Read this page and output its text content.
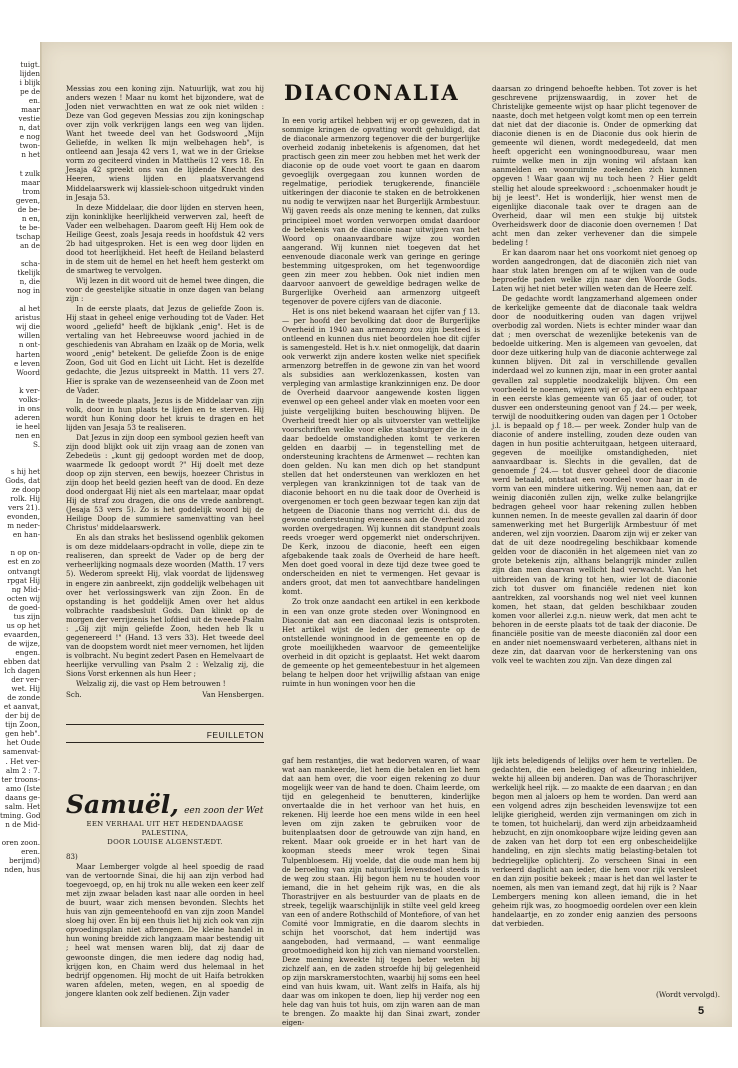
tuigt.
lijden
i blijk
pe de
en.
maar
vestie
n, dat
e nog
twon-
n het

t zulk
maar
trom
geven,
de be-
n en,
te be-
tschap
an de

scha-
tkelijk
n, die
nog in

al het
aristus
wij die
willen
n ont-
harten
e leven
Woord

k ver-
volks-
in ons
aderen
ie heel
nen en
S.
s hij het
Gods, dat
ze doop
rolk. Hij
vers 21).
evonden,
m neder-
en han-

n op on-
est en zo
ontvangt
rpgat Hij
ng Mid-
octen wij
de goed-
tus zijn
us op het
evaarden,
de wijze,
engen.
ebben dat
lch dagen
der ver-
wet. Hij
de zonde
et aanvat,
der bij de
tijn Zoon,
gen heb".
het Oude
samenvat-
. Het ver-
alm 2 : 7.
ter troons-
amo (Iste
daans ge-
salm. Het
tming. God
n de Mid-

oren zoon.
eren.
berijmd)
nden, hus

Messias zou een koning zijn. Natuurlijk, wat zou hij anders wezen ! Maar nu komt het bijzondere, wat de Joden niet verwachtten en wat ze ook niet wilden : Deze van God gegeven Messias zou zijn koningschap over zijn volk verkrijgen langs een weg van lijden. Want het tweede deel van het Godswoord „Mijn Geliefde, in welken Ik mijn welbehagen heb", is ontleend aan Jesaja 42 vers 1, wat we in der Griekse vorm zo geciteerd vinden in Mattheüs 12 vers 18. En Jesaja 42 spreekt ons van de lijdende Knecht des Heeren, wiens lijden en plaatsvervangend Middelaarswerk wij klassiek-schoon uitgedrukt vinden in Jesaja 53.

In deze Middelaar, die door lijden en sterven heen, zijn koninklijke heerlijkheid verwerven zal, heeft de Vader een welbehagen. Daarom geeft Hij Hem ook de Heilige Geest, zoals Jesaja reeds in hoofdstuk 42 vers 2b had uitgesproken. Het is een weg door lijden en dood tot heerlijkheid. Het heeft de Heiland belasterd in de stem uit de hemel en het heeft hem gesterkt om de smartweg te vervolgen.

Wij lezen in dit woord uit de hemel twee dingen, die voor de geestelijke situatie in onze dagen van belang zijn :

In de eerste plaats, dat Jezus de geliefde Zoon is. Hij staat in geheel enige verhouding tot de Vader. Het woord „geliefd" heeft de bijklank „enig". Het is de vertaling van het Hebreeuwse woord jachied in de geschiedenis van Abraham en Izaäk op de Moria, welk woord „enig" betekent. De geliefde Zoon is de enige Zoon, God uit God en Licht uit Licht. Het is dezelfde gedachte, die Jezus uitspreekt in Matth. 11 vers 27. Hier is sprake van de wezenseenheid van de Zoon met de Vader.

In de tweede plaats, Jezus is de Middelaar van zijn volk, door in hun plaats te lijden en te sterven. Hij wordt hun Koning door het kruis te dragen en het lijden van Jesaja 53 te realiseren.

Dat Jezus in zijn doop een symbool gezien heeft van zijn dood blijkt ook uit zijn vraag aan de zonen van Zebedeüs : „kunt gij gedoopt worden met de doop, waarmede Ik gedoopt wordt ?" Hij doelt met deze doop op zijn sterven, een bewijs, hoezeer Christus in zijn doop het beeld gezien heeft van de dood. En deze dood ondergaat Hij niet als een martelaar, maar opdat Hij de straf zou dragen, die ons de vrede aanbrengt. (Jesaja 53 vers 5). Zo is het goddelijk woord bij de Heilige Doop de summiere samenvatting van heel Christus' middelaarswerk.

En als dan straks het beslissend ogenblik gekomen is om deze middelaars-opdracht in volle, diepe zin te realiseren, dan spreekt de Vader op de berg der verheerlijking nogmaals deze woorden (Matth. 17 vers 5). Wederom spreekt Hij, vlak voordat de lijdensweg in engere zin aanbreekt, zijn goddelijk welbehagen uit over het verlossingswerk van zijn Zoon. En de opstanding is het goddelijk Amen over het aldus volbrachte raadsbesluit Gods. Dan klinkt op de morgen der verrijzenis het lofdied uit de tweede Psalm : „Gij zijt mijn geliefde Zoon, heden heb Ik u gegenereerd !" (Hand. 13 vers 33). Het tweede deel van de doopstem wordt niet meer vernomen, het lijden is volbracht. Nu begint zedert Pasen en Hemelvaart de heerlijke vervulling van Psalm 2 : Welzalig zij, die Sions Vorst erkennen als hun Heer ;

Welzalig zij, die vast op Hem betrouwen !

Sch.	Van Hensbergen.
FEUILLETON
Samuël, een zoon der Wet
EEN VERHAAL UIT HET HEDENDAAGSE
PALESTINA,
DOOR LOUISE ALGENSTÆDT.

83)

Maar Lemberger volgde al heel spoedig de raad van de vertoornde Sinai, die hij aan zijn verbod had toegevoegd, op, en hij trok nu alle weken een keer zelf met zijn zwaar beladen kast naar alle oorden in heel de buurt, waar zich mensen bevonden. Slechts het huis van zijn gemeentehoofd en van zijn zoon Mandel sloeg hij over. En bij een thuis liet hij zich ook van zijn opvoedingsplan niet afbrengen. De kleine handel in hun woning breidde zich langzaam maar bestendig uit ; heel wat mensen waren blij, dat zij daar de gewoonste dingen, die men iedere dag nodig had, krijgen kon, en Chaim werd dus helemaal in het bedrijf opgenomen. Hij mocht de uit Haifa betrokken waren afdelen, meten, wegen, en al spoedig de jongere klanten ook zelf bedienen. Zijn vader

DIACONALIA

In een vorig artikel hebben wij er op gewezen, dat in sommige kringen de opvatting wordt gehuldigd, dat de diaconale armenzorg tegenover die der burgerlijke overheid zodanig inbetekenis is afgenomen, dat het practisch geen zin meer zou hebben met het werk der diaconie op de oude voet voort te gaan en daarom gevoeglijk overgegaan zou kunnen worden de regelmatige, periodiek terugkerende, financiële uitkeringen der diaconie te staken en de betrokkenen nu nodig te verwijzen naar het Burgerlijk Armbestuur. Wij gaven reeds als onze mening te kennen, dat zulks principieel moet worden verworpen omdat daardoor de betekenis van de diaconie naar uitwijzen van het Woord op onaanvaardbare wijze zou worden aangerand. Wij kunnen niet toegeven dat het eenvenoude diaconale werk van geringe en geringe bestemming uitgesproken, om het tegenwoordige geen zin meer zou hebben. Ook niet indien men daarvoor aanvoert de geweldige bedragen welke de Burgerlijke Overheid aan armenzorg uitgeeft tegenover de povere cijfers van de diaconie.

Het is ons niet bekend waaraan het cijfer van ƒ 13.— per hoofd der bevolking dat door de Burgerlijke Overheid in 1940 aan armenzorg zou zijn besteed is ontleend en kunnen dus niet beoordelen hoe dit cijfer is samengesteld. Het is h.v. niet onmogelijk, dat daarin ook verwerkt zijn andere kosten welke niet specifiek armenzorg betreffen in de gewone zin van het woord als subsidies aan werklozenkassen, kosten van verpleging van armlastige krankzinnigen enz. De door de Overheid daarvoor aangewende kosten liggen evenwel op een geheel ander vlak en moeten voor een juiste vergelijking buiten beschouwing blijven. De Overheid treedt hier op als uitvoerster van wettelijke voorschriften welke voor elke staatsburger die in de daar bedoelde omstandigheden komt te verkeren gelden en daarbij — in tegenstelling met de ondersteuning krachtens de Armenwet — rechten kan doen gelden. Nu kan men dich op het standpunt stellen dat het ondersteunen van werklozen en het verplegen van krankzinnigen tot de taak van de diaconie behoort en nu die taak door de Overheid is overgenomen er toch geen bezwaar tegen kan zijn dat hetgeen de Diaconie thans nog verricht d.i. dus de gewone ondersteuning eveneens aan de Overheid zou worden overgedragen. Wij kunnen dit standpunt zoals reeds vroeger werd opgemerkt niet onderschrijven. De Kerk, inzoou de diaconie, heeft een eigen afgebakende taak zoals de Overheid de hare heeft. Men doet goed vooral in deze tijd deze twee goed te onderscheiden en niet te vermengen. Het gevaar is anders groot, dat men tot aanvechtbare handelingen komt.

Zo trok onze aandacht een artikel in een kerkbode in een van onze grote steden over Woningnood en Diaconie dat aan een diaconaal lezis is ontsproten. Het artikel wijst de leden der gemeente op de ontstellende woningnood in de gemeente en op de grote moeilijkheden waarvoor de gemeentelijke overheid in dit opzicht is geplaatst. Het wekt daarom de gemeente op het gemeentebestuur in het algemeen belang te helpen door het vrijwillig afstaan van enige ruimte in hun woningen voor hen die

gaf hem restantjes, die wat bedorven waren, of waar wat aan mankeerde, liet hem die betalen en liet hem dat aan hem over, die voor eigen rekening zo duur mogelijk weer van de hand te doen. Chaim leerde, om tijd en gelegenheid te benutteren, kinderlijke onvertaalde die in het verhoor van het huis, en rekenen. Hij leerde hoe een mens wilde in een heel leven om zijn zaken te gebruiken voor de buitenplaatsen door de getrouwde van zijn hand, en rekent. Maar ook groeide er in het hart van de koopman steeds meer wrok tegen Sinai Tulpenbloesem. Hij voelde, dat die oude man hem bij de beroeling van zijn natuurlijk levensdoel steeds in de weg zou staan. Hij begon hem nu te houden voor iemand, die in het geheim rijk was, en die als Thorastrijver en als bestuurder van de plaats en de streek, tegelijk waarschijnlijk in stilte veel geld kreeg van een of andere Rothschild of Montefiore, of van het Comité voor Immigratie, en die daarom slechts in schijn het voorschot, dat hem indertijd was aangeboden, had vermaand, — want eenmalige grootmoedigheid kon hij zich van niemand voorstellen. Deze mening kweekte hij tegen beter weten bij zichzelf aan, en de zaden stroefde hij bij gelegenheid op zijn marskramerstochten, waarbij hij soms een heel eind van huis kwam, uit. Want zelfs in Haifa, als hij daar was om inkopen te doen, liep hij verder nog een hele dag van huis tot huis, om zijn waren aan de man te brengen. Zo maakte hij dan Sinai zwart, zonder eigen-

daarsan zo dringend behoefte hebben. Tot zover is het geschrevene prijzenswaardig, in zover het de Christelijke gemeente wijst op haar plicht tegenover de naaste, doch met hetgeen volgt komt men op een terrein dat niet dat der diaconie is. Onder de opmerking dat diaconie dienen is en de Diaconie dus ook hierin de gemeente wil dienen, wordt medegedeeld, dat men heeft opgericht een woningnoodbureau, waar men ruimte welke men in zijn woning wil afstaan kan aanmelden en woonruimte zoekenden zich kunnen opgeven ! Waar gaan wij nu toch heen ? Hier geldt stellig het aloude spreekwoord : „schoenmaker houdt je bij je leest". Het is wonderlijk, hier wenst men de eigenlijke diaconale taak over te dragen aan de Overheid, daar wil men een stukje bij uitstek Overheidswerk door de diaconie doen overnemen ! Dat acht men dan zeker verhevener dan die simpele bedeling !

Er kan daarom naar het ons voorkomt niet genoeg op worden aangedrongen, dat de diaconiën zich niet van haar stuk laten brengen om af te wijken van de oude beproefde paden welke zijn naar den Woorde Gods. Laten wij het niet beter willen weten dan de Heere zelf.

De gedachte wordt langzamerhand algemeen onder de kerkelijke gemeente dat de diaconale taak weldra door de nooduitkering ouden van dagen vrijwel overbodig zal worden. Niets is echter minder waar dan dat ; men overschat de wezenlijke betekenis van de bedoelde uitkering. Men is algemeen van gevoelen, dat door deze uitkering hulp van de diaconie achterwege zal kunnen blijven. Dit zal in verschillende gevallen inderdaad wel zo kunnen zijn, maar in een groter aantal gevallen zal suppletie noodzakelijk blijven. Om een voorbeeld te noemen, wijzen wij er op, dat een echtpaar in een eerste klas gemeente van 65 jaar of ouder, tot dusver een ondersteuning genoot van ƒ 24.— per week, terwijl de nooduitkering ouden van dagen per 1 October j.l. is bepaald op ƒ 18.— per week. Zonder hulp van de diaconie of andere instelling, zouden deze ouden van dagen in hun positie achteruitgaan, hetgeen uiteraard, gegeven de moeilijke omstandigheden, niet aanvaardbaar is. Slechts in die gevallen, dat de genoemde ƒ 24.— tot dusver geheel door de diaconie werd betaald, ontstaat een voordeel voor haar in de vorm van een mindere uitkering. Wij nemen aan, dat er weinig diaconiën zullen zijn, welke zulke belangrijke bedragen geheel voor haar rekening zullen hebben kunnen nemen. In de meeste gevallen zal daarin óf door samenwerking met het Burgerlijk Armbestuur óf met anderen, wel zijn voorzien. Daarom zijn wij er zeker van dat de uit deze noodregeling beschikbaar komende gelden voor de diaconiën in het algemeen niet van zo grote betekenis zijn, althans belangrijk minder zullen zijn dan men daarvan wellicht had verwacht. Van het uitbreiden van de kring tot hen, wier lot de diaconie zich tot dusver om financiële redenen niet kon aantrekken, zal voorshands nog wel niet veel kunnen komen, het staan, dat gelden beschikbaar zouden komen voor allerlei z.g.n. nieuw werk, dat men acht te behoren in de eerste plaats tot de taak der diaconie. De financiële positie van de meeste diaconiën zal door een en ander niet noemenswaard verbeteren, althans niet in deze zin, dat daarvan voor de herkerstening van ons volk veel te wachten zou zijn. Van deze dingen zal

lijk iets beledigends of lelijks over hem te vertellen. De gedachten, die een beledigeg of afkeuring inhielden, wekte hij alleen bij anderen. Dan was de Thoraschrijver werkelijk heel rijk. — zo maakte de een daarvan ; en dan begon men al jaloers op hem te worden. Dan werd aan een volgend adres zijn bescheiden levenswijze tot een lelijke gierigheid, werden zijn vermaningen om zich in te tomen, tot huichelarij, dan werd zijn arbeidzaamheid hebzucht, en zijn onomkoopbare wijze leiding geven aan de zaken van het dorp tot een erg onbescheidelijke handeling, en zijn slechts matig belasting-betalen tot bedriegelijke oplichterij. Zo verscheen Sinai in een verkeerd daglicht aan ieder, die hem voor rijk versleet en dan zijn positie bekeek ; maar is het dan wel laster te noemen, als men van iemand zegt, dat hij rijk is ? Naar Lembergers mening kon alleen iemand, die in het geheim rijk was, zo hoogmoedig oordelen over een klein handelaartje, en zo zonder enig aanzien des persoons dat verbieden.

(Wordt vervolgd).
5
